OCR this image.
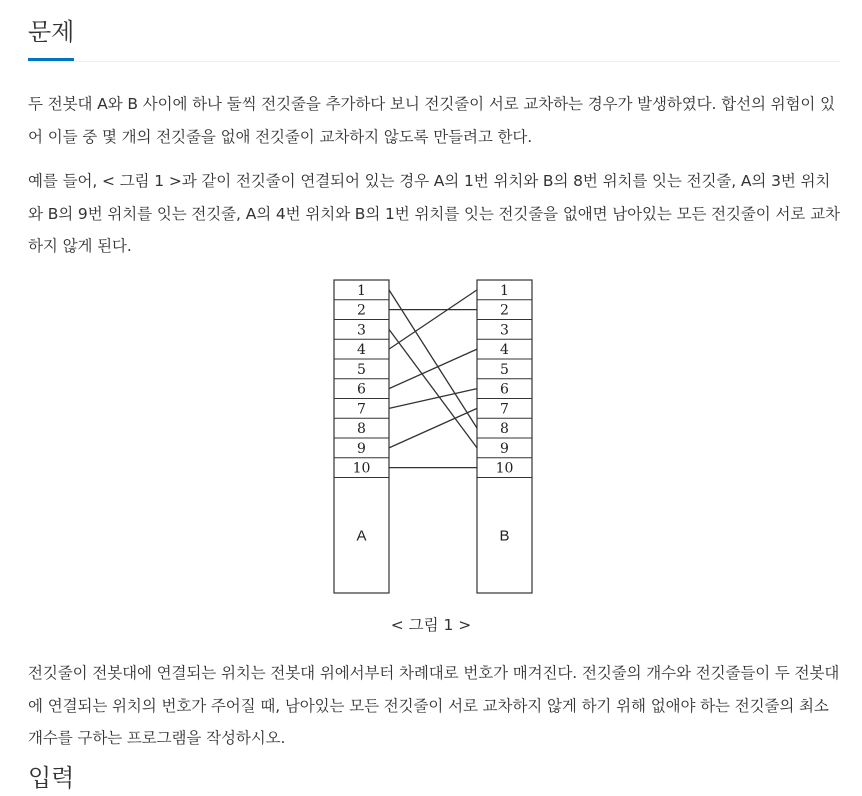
문제

두 전봇대 A와 B 사이에 하나 둘씩 전깃줄을 추가하다 보니 전깃줄이 서로 교차하는 경우가 발생하였다. 합선의 위험이 있어 이들 중 몇 개의 전깃줄을 없애 전깃줄이 교차하지 않도록 만들려고 한다.

예를 들어, < 그림 1 >과 같이 전깃줄이 연결되어 있는 경우 A의 1번 위치와 B의 8번 위치를 잇는 전깃줄, A의 3번 위치와 B의 9번 위치를 잇는 전깃줄, A의 4번 위치와 B의 1번 위치를 잇는 전깃줄을 없애면 남아있는 모든 전깃줄이 서로 교차하지 않게 된다.

1
2
3
4
5
6
7
8
9
10
A
1
2
3
4
5
6
7
8
9
10
B
< 그림 1 >

전깃줄이 전봇대에 연결되는 위치는 전봇대 위에서부터 차례대로 번호가 매겨진다. 전깃줄의 개수와 전깃줄들이 두 전봇대에 연결되는 위치의 번호가 주어질 때, 남아있는 모든 전깃줄이 서로 교차하지 않게 하기 위해 없애야 하는 전깃줄의 최소 개수를 구하는 프로그램을 작성하시오.

입력
